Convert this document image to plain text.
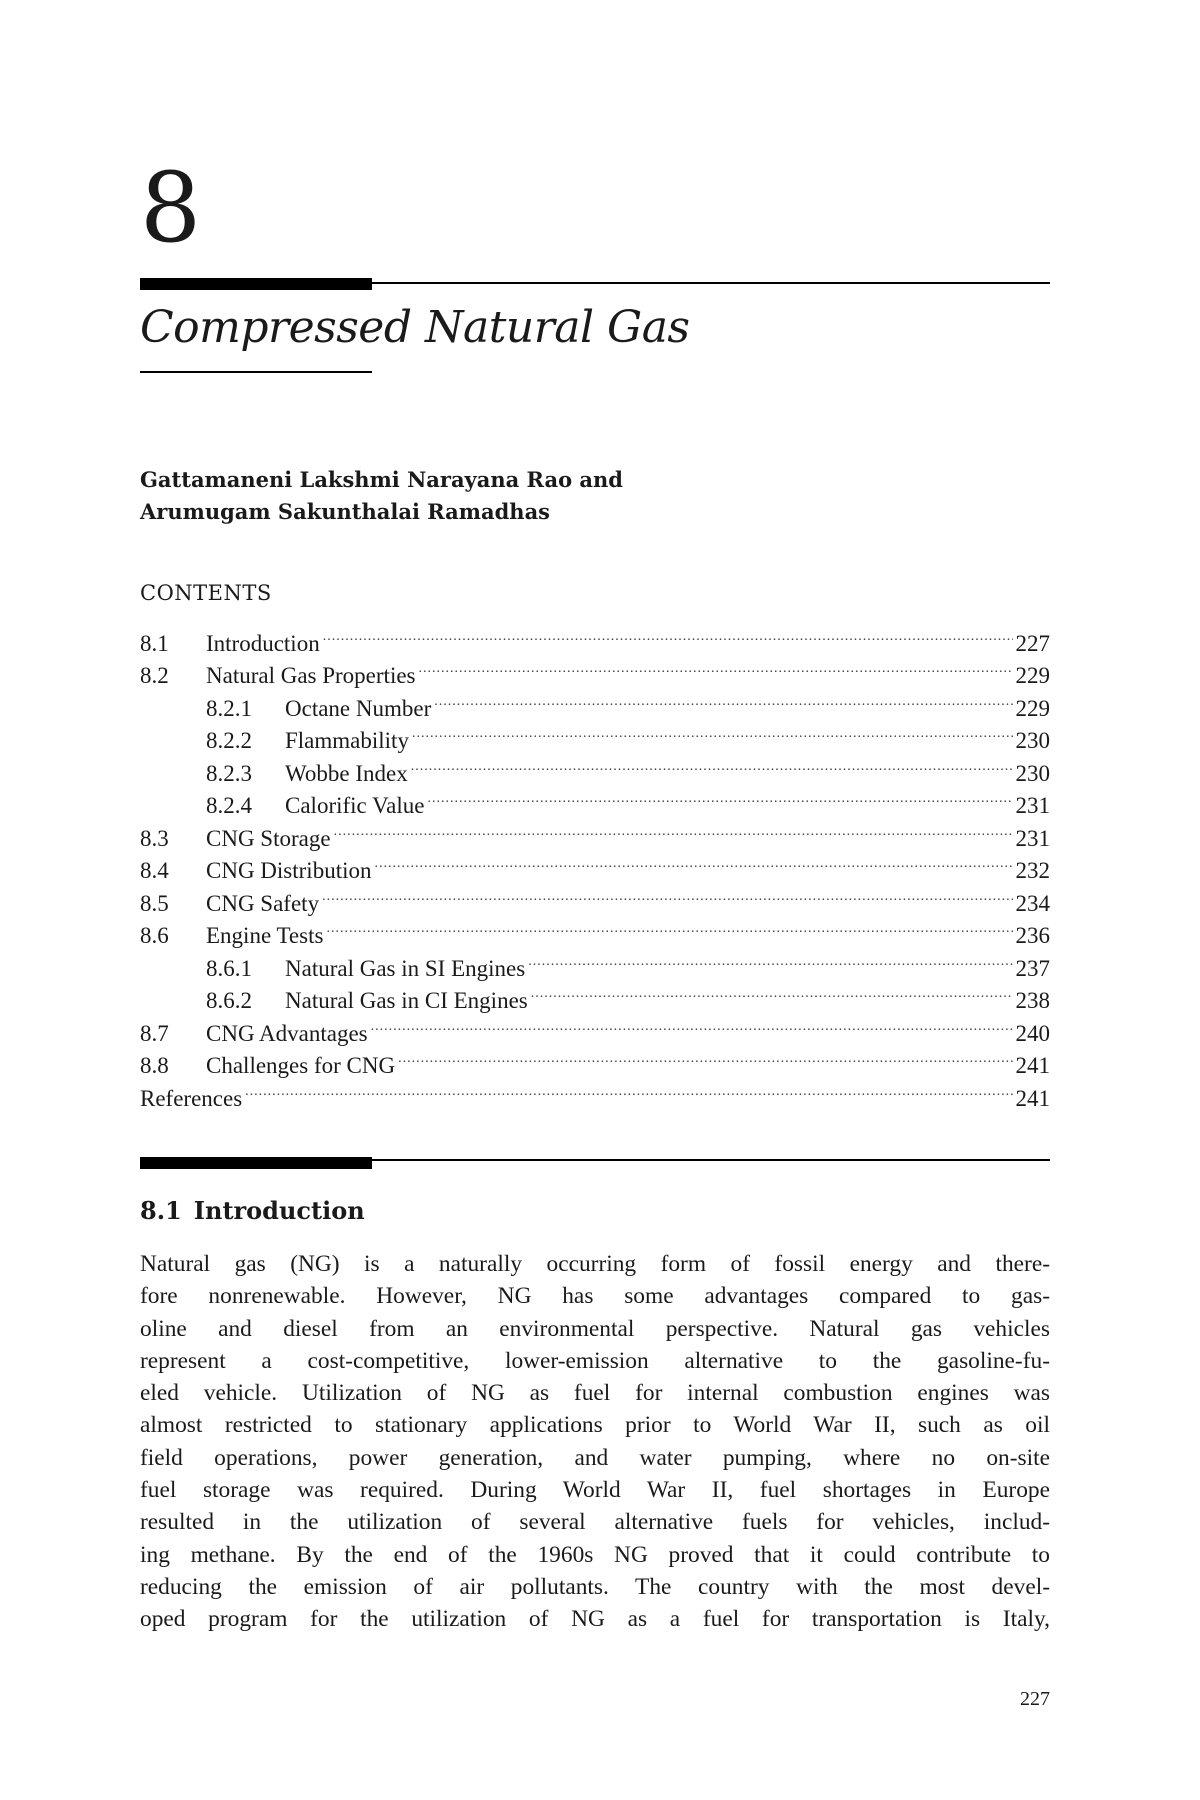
8
Compressed Natural Gas
Gattamaneni Lakshmi Narayana Rao and
Arumugam Sakunthalai Ramadhas
CONTENTS
8.1	Introduction .....	227
8.2	Natural Gas Properties .....	229
8.2.1	Octane Number .....	229
8.2.2	Flammability .....	230
8.2.3	Wobbe Index .....	230
8.2.4	Calorific Value .....	231
8.3	CNG Storage .....	231
8.4	CNG Distribution .....	232
8.5	CNG Safety .....	234
8.6	Engine Tests .....	236
8.6.1	Natural Gas in SI Engines .....	237
8.6.2	Natural Gas in CI Engines .....	238
8.7	CNG Advantages .....	240
8.8	Challenges for CNG .....	241
References .....	241
8.1 Introduction
Natural gas (NG) is a naturally occurring form of fossil energy and there-
fore nonrenewable. However, NG has some advantages compared to gas-
oline and diesel from an environmental perspective. Natural gas vehicles
represent a cost-competitive, lower-emission alternative to the gasoline-fu-
eled vehicle. Utilization of NG as fuel for internal combustion engines was
almost restricted to stationary applications prior to World War II, such as oil
field operations, power generation, and water pumping, where no on-site
fuel storage was required. During World War II, fuel shortages in Europe
resulted in the utilization of several alternative fuels for vehicles, includ-
ing methane. By the end of the 1960s NG proved that it could contribute to
reducing the emission of air pollutants. The country with the most devel-
oped program for the utilization of NG as a fuel for transportation is Italy,
227
